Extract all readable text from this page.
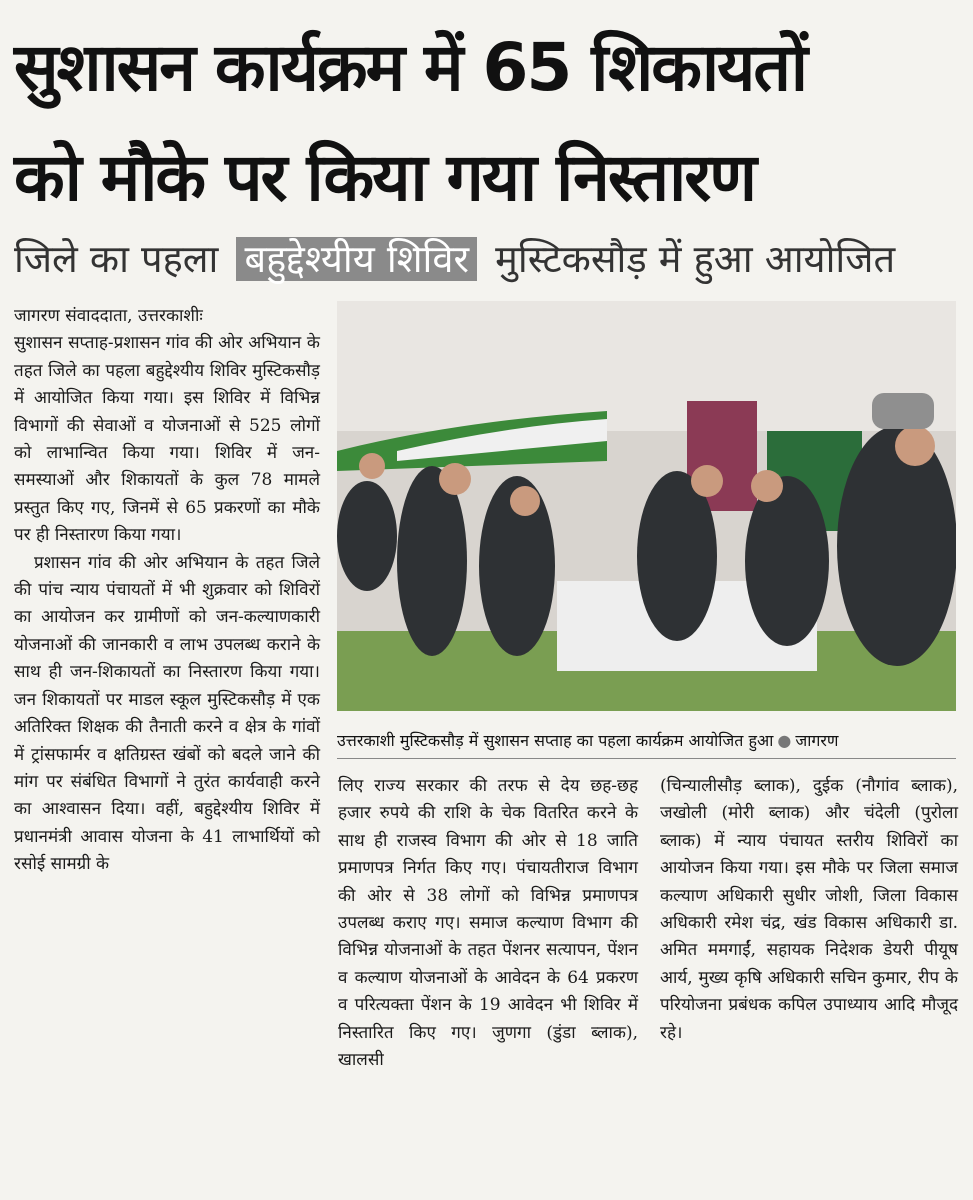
सुशासन कार्यक्रम में 65 शिकायतों
को मौके पर किया गया निस्तारण
जिले का पहला बहुद्देश्यीय शिविर मुस्टिकसौड़ में हुआ आयोजित

जागरण संवाददाता, उत्तरकाशीः

सुशासन सप्ताह-प्रशासन गांव की ओर अभियान के तहत जिले का पहला बहुद्देश्यीय शिविर मुस्टिकसौड़ में आयोजित किया गया। इस शिविर में विभिन्न विभागों की सेवाओं व योजनाओं से 525 लोगों को लाभान्वित किया गया। शिविर में जन-समस्याओं और शिकायतों के कुल 78 मामले प्रस्तुत किए गए, जिनमें से 65 प्रकरणों का मौके पर ही निस्तारण किया गया।

प्रशासन गांव की ओर अभियान के तहत जिले की पांच न्याय पंचायतों में भी शुक्रवार को शिविरों का आयोजन कर ग्रामीणों को जन-कल्याणकारी योजनाओं की जानकारी व लाभ उपलब्ध कराने के साथ ही जन-शिकायतों का निस्तारण किया गया। जन शिकायतों पर माडल स्कूल मुस्टिकसौड़ में एक अतिरिक्त शिक्षक की तैनाती करने व क्षेत्र के गांवों में ट्रांसफार्मर व क्षतिग्रस्त खंबों को बदले जाने की मांग पर संबंधित विभागों ने तुरंत कार्यवाही करने का आश्वासन दिया। वहीं, बहुद्देश्यीय शिविर में प्रधानमंत्री आवास योजना के 41 लाभार्थियों को रसोई सामग्री के

उत्तरकाशी मुस्टिकसौड़ में सुशासन सप्ताह का पहला कार्यक्रम आयोजित हुआ ● जागरण

लिए राज्य सरकार की तरफ से देय छह-छह हजार रुपये की राशि के चेक वितरित करने के साथ ही राजस्व विभाग की ओर से 18 जाति प्रमाणपत्र निर्गत किए गए। पंचायतीराज विभाग की ओर से 38 लोगों को विभिन्न प्रमाणपत्र उपलब्ध कराए गए। समाज कल्याण विभाग की विभिन्न योजनाओं के तहत पेंशनर सत्यापन, पेंशन व कल्याण योजनाओं के आवेदन के 64 प्रकरण व परित्यक्ता पेंशन के 19 आवेदन भी शिविर में निस्तारित किए गए। जुणगा (डुंडा ब्लाक), खालसी

(चिन्यालीसौड़ ब्लाक), दुईक (नौगांव ब्लाक), जखोली (मोरी ब्लाक) और चंदेली (पुरोला ब्लाक) में न्याय पंचायत स्तरीय शिविरों का आयोजन किया गया। इस मौके पर जिला समाज कल्याण अधिकारी सुधीर जोशी, जिला विकास अधिकारी रमेश चंद्र, खंड विकास अधिकारी डा. अमित ममगाईं, सहायक निदेशक डेयरी पीयूष आर्य, मुख्य कृषि अधिकारी सचिन कुमार, रीप के परियोजना प्रबंधक कपिल उपाध्याय आदि मौजूद रहे।
